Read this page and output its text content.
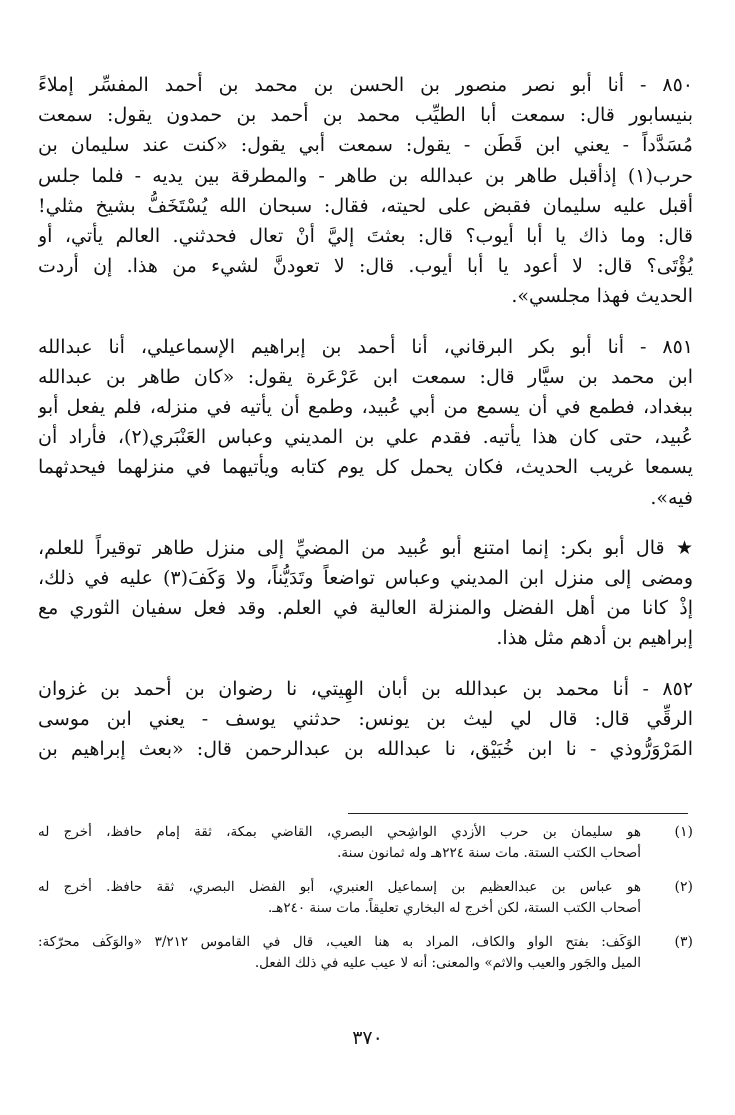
٨٥٠ - أنا أبو نصر منصور بن الحسن بن محمد بن أحمد المفسِّر إملاءً
بنيسابور قال: سمعت أبا الطيِّب محمد بن أحمد بن حمدون يقول: سمعت
مُسَدَّداً - يعني ابن قَطَن - يقول: سمعت أبي يقول: «كنت عند سليمان بن
حرب(١) إذأقبل طاهر بن عبدالله بن طاهر - والمطرقة بين يديه - فلما جلس
أقبل عليه سليمان فقبض على لحيته، فقال: سبحان الله يُسْتَخَفُّ بشيخ مثلي!
قال: وما ذاك يا أبا أيوب؟ قال: بعثتَ إليَّ أنْ تعال فحدثني. العالم يأتي، أو
يُؤْتَى؟ قال: لا أعود يا أبا أيوب. قال: لا تعودنَّ لشيء من هذا. إن أردت
الحديث فهذا مجلسي».
٨٥١ - أنا أبو بكر البرقاني، أنا أحمد بن إبراهيم الإسماعيلي، أنا عبدالله
ابن محمد بن سيَّار قال: سمعت ابن عَرْعَرة يقول: «كان طاهر بن عبدالله
ببغداد، فطمع في أن يسمع من أبي عُبيد، وطمع أن يأتيه في منزله، فلم يفعل أبو
عُبيد، حتى كان هذا يأتيه. فقدم علي بن المديني وعباس العَنْبَري(٢)، فأراد أن
يسمعا غريب الحديث، فكان يحمل كل يوم كتابه ويأتيهما في منزلهما فيحدثهما
فيه».
★ قال أبو بكر: إنما امتنع أبو عُبيد من المضيِّ إلى منزل طاهر توقيراً للعلم،
ومضى إلى منزل ابن المديني وعباس تواضعاً وتَدَيُّناً، ولا وَكَفَ(٣) عليه في ذلك،
إذْ كانا من أهل الفضل والمنزلة العالية في العلم. وقد فعل سفيان الثوري مع
إبراهيم بن أدهم مثل هذا.
٨٥٢ - أنا محمد بن عبدالله بن أبان الهِيتي، نا رضوان بن أحمد بن غزوان
الرقِّي قال: قال لي ليث بن يونس: حدثني يوسف - يعني ابن موسى
المَرْوَرُّوذي - نا ابن خُبَيْق، نا عبدالله بن عبدالرحمن قال: «بعث إبراهيم بن
(١)
هو سليمان بن حرب الأزدي الواشِحي البصري، القاضي بمكة، ثقة إمام حافظ، أخرج له
أصحاب الكتب الستة. مات سنة ٢٢٤هـ وله ثمانون سنة.
(٢)
هو عباس بن عبدالعظيم بن إسماعيل العنبري، أبو الفضل البصري، ثقة حافظ. أخرج له
أصحاب الكتب الستة، لكن أخرج له البخاري تعليقاً. مات سنة ٢٤٠هـ.
(٣)
الوَكَف: بفتح الواو والكاف، المراد به هنا العيب، قال في القاموس ٣/٢١٢ «والوَكَف محرّكة:
الميل والجَور والعيب والاثم» والمعنى: أنه لا عيب عليه في ذلك الفعل.
٣٧٠
